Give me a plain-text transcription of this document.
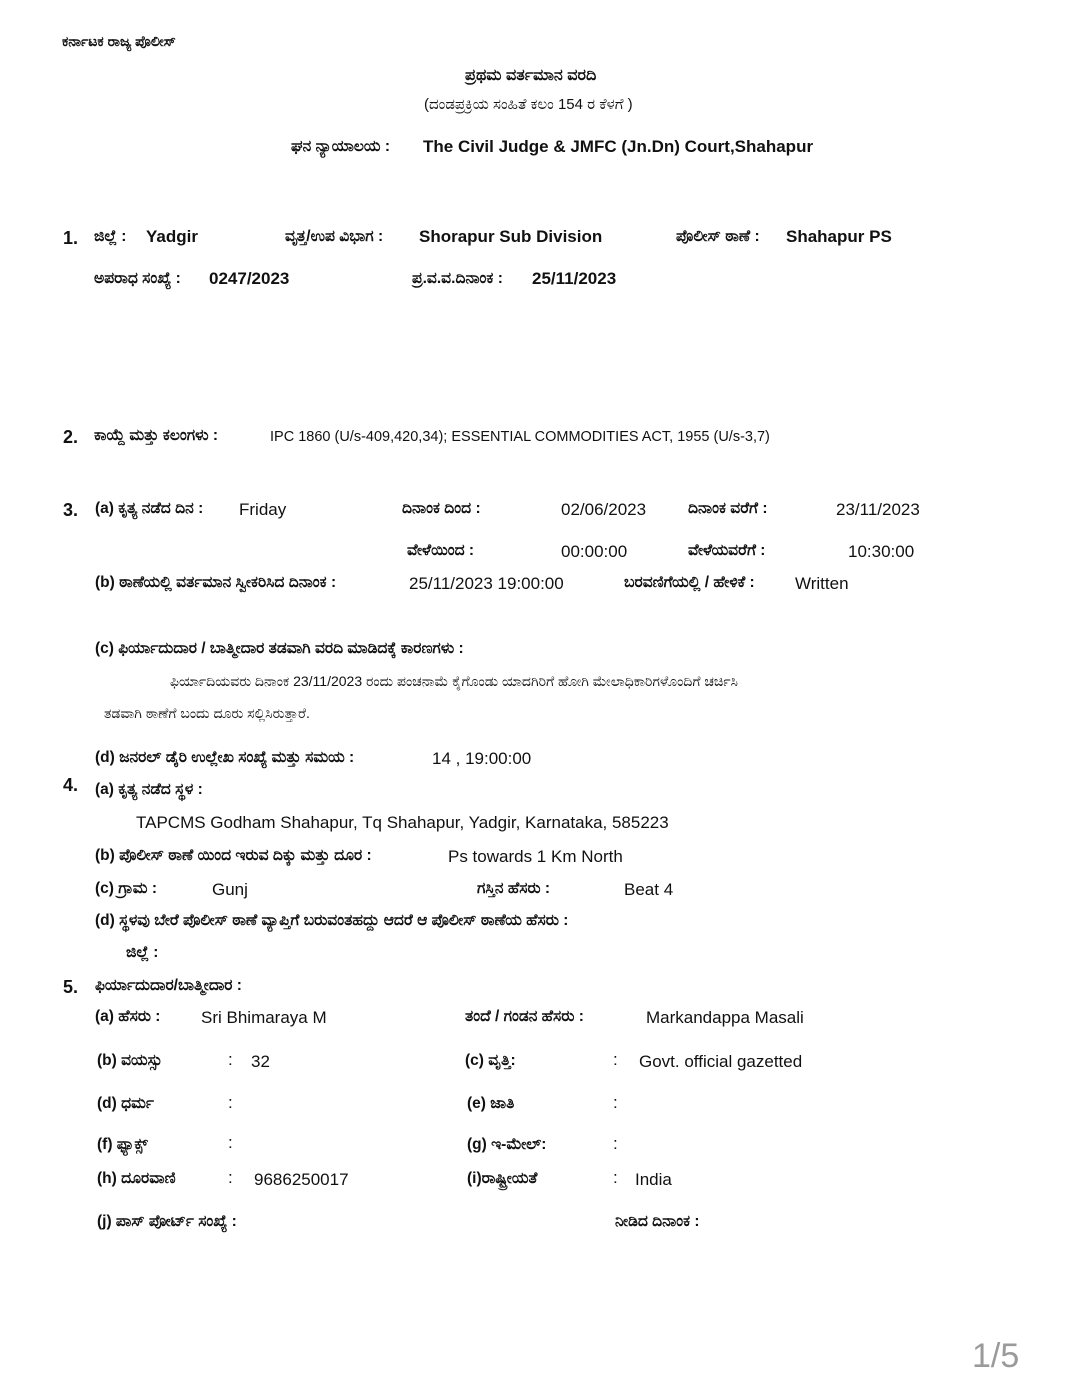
ಕರ್ನಾಟಕ ರಾಜ್ಯ ಪೊಲೀಸ್
ಪ್ರಥಮ ವರ್ತಮಾನ ವರದಿ
(ದಂಡಪ್ರಕ್ರಿಯ ಸಂಹಿತೆ ಕಲಂ 154 ರ ಕೆಳಗೆ )
ಘನ ನ್ಯಾಯಾಲಯ : The Civil Judge & JMFC (Jn.Dn) Court,Shahapur
1. ಜಿಲ್ಲೆ : Yadgir	ವೃತ್ತ/ಉಪ ವಿಭಾಗ : Shorapur Sub Division	ಪೊಲೀಸ್ ಠಾಣೆ : Shahapur PS
ಅಪರಾಧ ಸಂಖ್ಯೆ : 0247/2023	ಪ್ರ.ವ.ವ.ದಿನಾಂಕ : 25/11/2023
2. ಕಾಯ್ದೆ ಮತ್ತು ಕಲಂಗಳು :	IPC 1860 (U/s-409,420,34); ESSENTIAL COMMODITIES ACT, 1955 (U/s-3,7)
3. (a) ಕೃತ್ಯ ನಡೆದ ದಿನ : Friday	ದಿನಾಂಕ ದಿಂದ :	02/06/2023	ದಿನಾಂಕ ವರೆಗೆ :	23/11/2023
ವೇಳೆಯಿಂದ :	00:00:00	ವೇಳೆಯವರೆಗೆ :	10:30:00
(b) ಠಾಣೆಯಲ್ಲಿ ವರ್ತಮಾನ ಸ್ವೀಕರಿಸಿದ ದಿನಾಂಕ :	25/11/2023 19:00:00	ಬರವಣಿಗೆಯಲ್ಲಿ / ಹೇಳಿಕೆ : Written
(c) ಫಿರ್ಯಾದುದಾರ / ಬಾತ್ಮೀದಾರ ತಡವಾಗಿ ವರದಿ ಮಾಡಿದಕ್ಕೆ ಕಾರಣಗಳು :
ಫಿರ್ಯಾದಿಯವರು ದಿನಾಂಕ 23/11/2023 ರಂದು ಪಂಚನಾಮೆ ಕೈಗೊಂಡು ಯಾದಗಿರಿಗೆ ಹೋಗಿ ಮೇಲಾಧಿಕಾರಿಗಳೊಂದಿಗೆ ಚರ್ಚಿಸಿ
ತಡವಾಗಿ ಠಾಣೆಗೆ ಬಂದು ದೂರು ಸಲ್ಲಿಸಿರುತ್ತಾರೆ.
(d) ಜನರಲ್ ಡೈರಿ ಉಲ್ಲೇಖ ಸಂಖ್ಯೆ ಮತ್ತು ಸಮಯ :	14 , 19:00:00
4. (a) ಕೃತ್ಯ ನಡೆದ ಸ್ಥಳ :
TAPCMS Godham Shahapur, Tq Shahapur, Yadgir, Karnataka, 585223
(b) ಪೊಲೀಸ್ ಠಾಣೆ ಯಿಂದ ಇರುವ ದಿಕ್ಕು ಮತ್ತು ದೂರ :	Ps towards 1 Km North
(c) ಗ್ರಾಮ :	Gunj	ಗಸ್ತಿನ ಹೆಸರು :	Beat 4
(d) ಸ್ಥಳವು ಬೇರೆ ಪೊಲೀಸ್ ಠಾಣೆ ವ್ಯಾಪ್ತಿಗೆ ಬರುವಂತಹದ್ದು ಆದರೆ ಆ ಪೊಲೀಸ್ ಠಾಣೆಯ ಹೆಸರು :
ಜಿಲ್ಲೆ :
5. ಫಿರ್ಯಾದುದಾರ/ಬಾತ್ಮೀದಾರ :
(a) ಹೆಸರು : Sri Bhimaraya M	ತಂದೆ / ಗಂಡನ ಹೆಸರು :	Markandappa Masali
(b) ವಯಸ್ಸು	: 32	(c) ವೃತ್ತಿ:	: Govt. official gazetted
(d) ಧರ್ಮ	:	(e) ಜಾತಿ	:
(f) ಫ್ಯಾಕ್ಸ್	:	(g) ಇ-ಮೇಲ್:	:
(h) ದೂರವಾಣಿ	: 9686250017	(i)ರಾಷ್ಟ್ರೀಯತೆ	: India
(j) ಪಾಸ್ ಪೋರ್ಟ್ ಸಂಖ್ಯೆ :	ನೀಡಿದ ದಿನಾಂಕ :
1/5
